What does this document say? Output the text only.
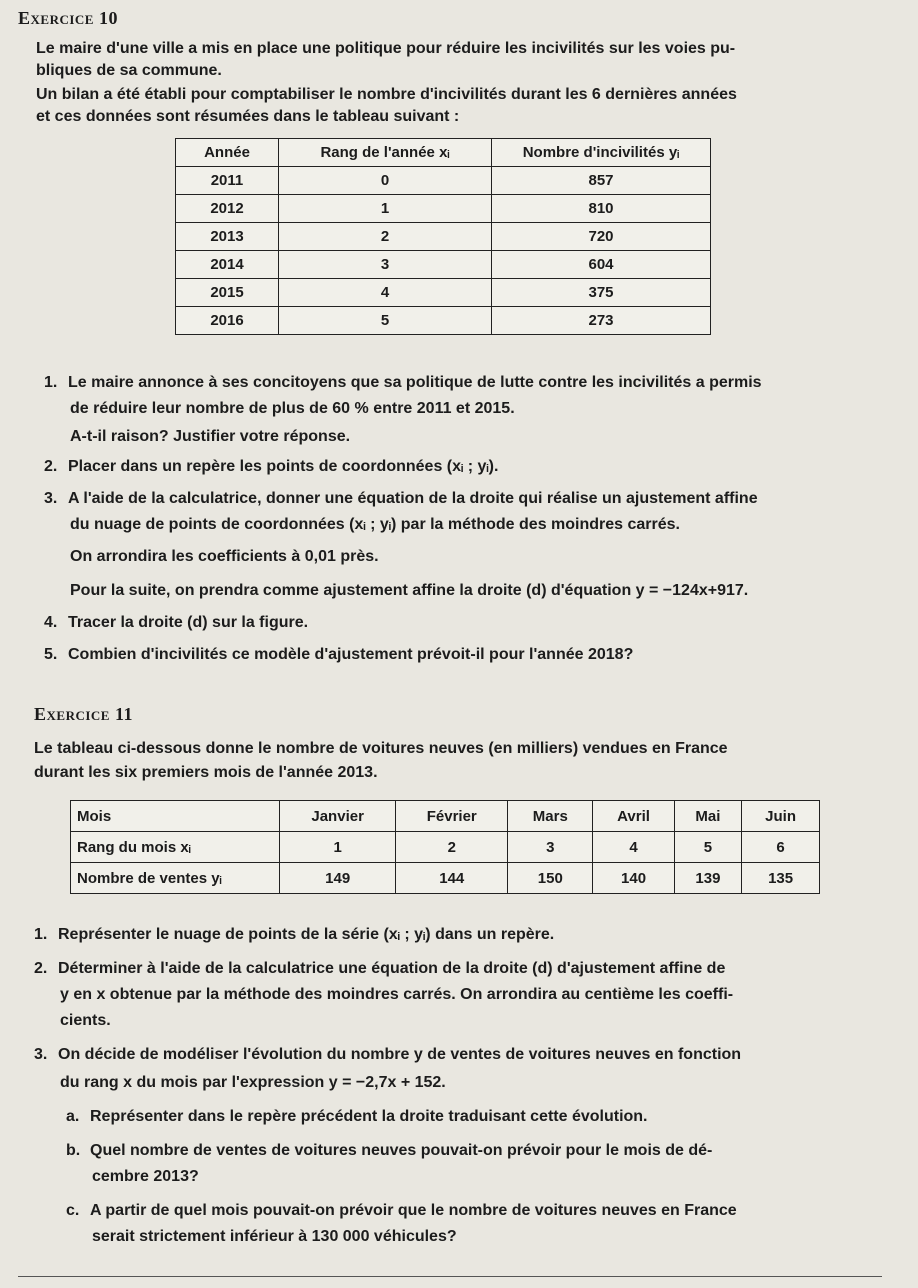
Exercice 10
Le maire d'une ville a mis en place une politique pour réduire les incivilités sur les voies pu-
bliques de sa commune.
Un bilan a été établi pour comptabiliser le nombre d'incivilités durant les 6 dernières années
et ces données sont résumées dans le tableau suivant :
Année	Rang de l'année xᵢ	Nombre d'incivilités yᵢ
2011	0	857
2012	1	810
2013	2	720
2014	3	604
2015	4	375
2016	5	273
1. Le maire annonce à ses concitoyens que sa politique de lutte contre les incivilités a permis
de réduire leur nombre de plus de 60 % entre 2011 et 2015.
A-t-il raison? Justifier votre réponse.
2. Placer dans un repère les points de coordonnées (xᵢ ; yᵢ).
3. A l'aide de la calculatrice, donner une équation de la droite qui réalise un ajustement affine
du nuage de points de coordonnées (xᵢ ; yᵢ) par la méthode des moindres carrés.
On arrondira les coefficients à 0,01 près.
Pour la suite, on prendra comme ajustement affine la droite (d) d'équation y = −124x+917.
4. Tracer la droite (d) sur la figure.
5. Combien d'incivilités ce modèle d'ajustement prévoit-il pour l'année 2018?
Exercice 11
Le tableau ci-dessous donne le nombre de voitures neuves (en milliers) vendues en France
durant les six premiers mois de l'année 2013.
Mois	Janvier	Février	Mars	Avril	Mai	Juin
Rang du mois xᵢ	1	2	3	4	5	6
Nombre de ventes yᵢ	149	144	150	140	139	135
1. Représenter le nuage de points de la série (xᵢ ; yᵢ) dans un repère.
2. Déterminer à l'aide de la calculatrice une équation de la droite (d) d'ajustement affine de
y en x obtenue par la méthode des moindres carrés. On arrondira au centième les coeffi-
cients.
3. On décide de modéliser l'évolution du nombre y de ventes de voitures neuves en fonction
du rang x du mois par l'expression y = −2,7x + 152.
a. Représenter dans le repère précédent la droite traduisant cette évolution.
b. Quel nombre de ventes de voitures neuves pouvait-on prévoir pour le mois de dé-
cembre 2013?
c. A partir de quel mois pouvait-on prévoir que le nombre de voitures neuves en France
serait strictement inférieur à 130 000 véhicules?
